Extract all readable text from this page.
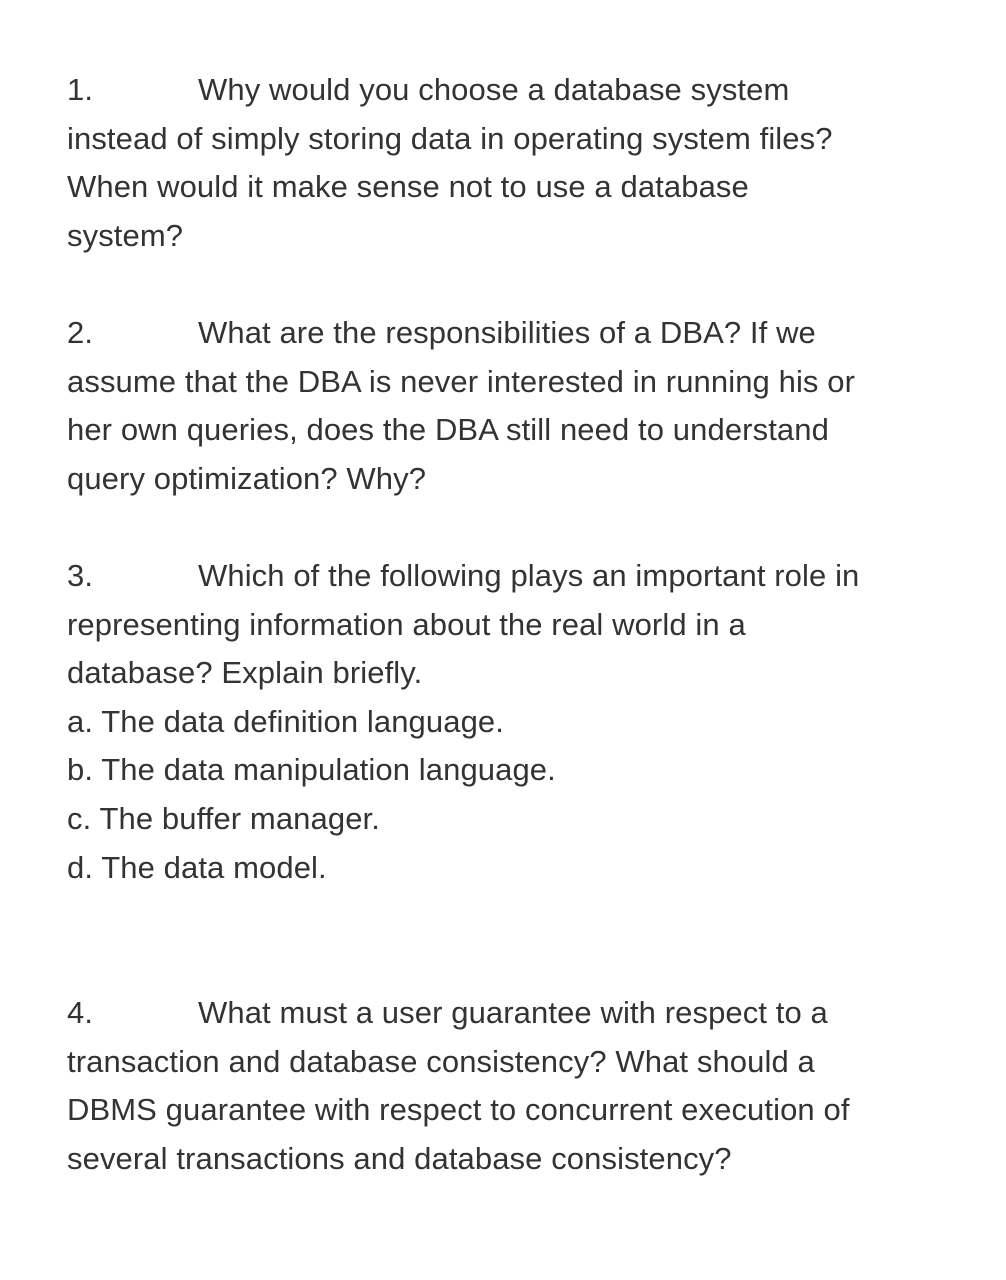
1.	Why would you choose a database system
instead of simply storing data in operating system files?
When would it make sense not to use a database
system?
2.	What are the responsibilities of a DBA? If we
assume that the DBA is never interested in running his or
her own queries, does the DBA still need to understand
query optimization? Why?
3.	Which of the following plays an important role in
representing information about the real world in a
database? Explain briefly.
a. The data definition language.
b. The data manipulation language.
c. The buffer manager.
d. The data model.
4.	What must a user guarantee with respect to a
transaction and database consistency? What should a
DBMS guarantee with respect to concurrent execution of
several transactions and database consistency?
